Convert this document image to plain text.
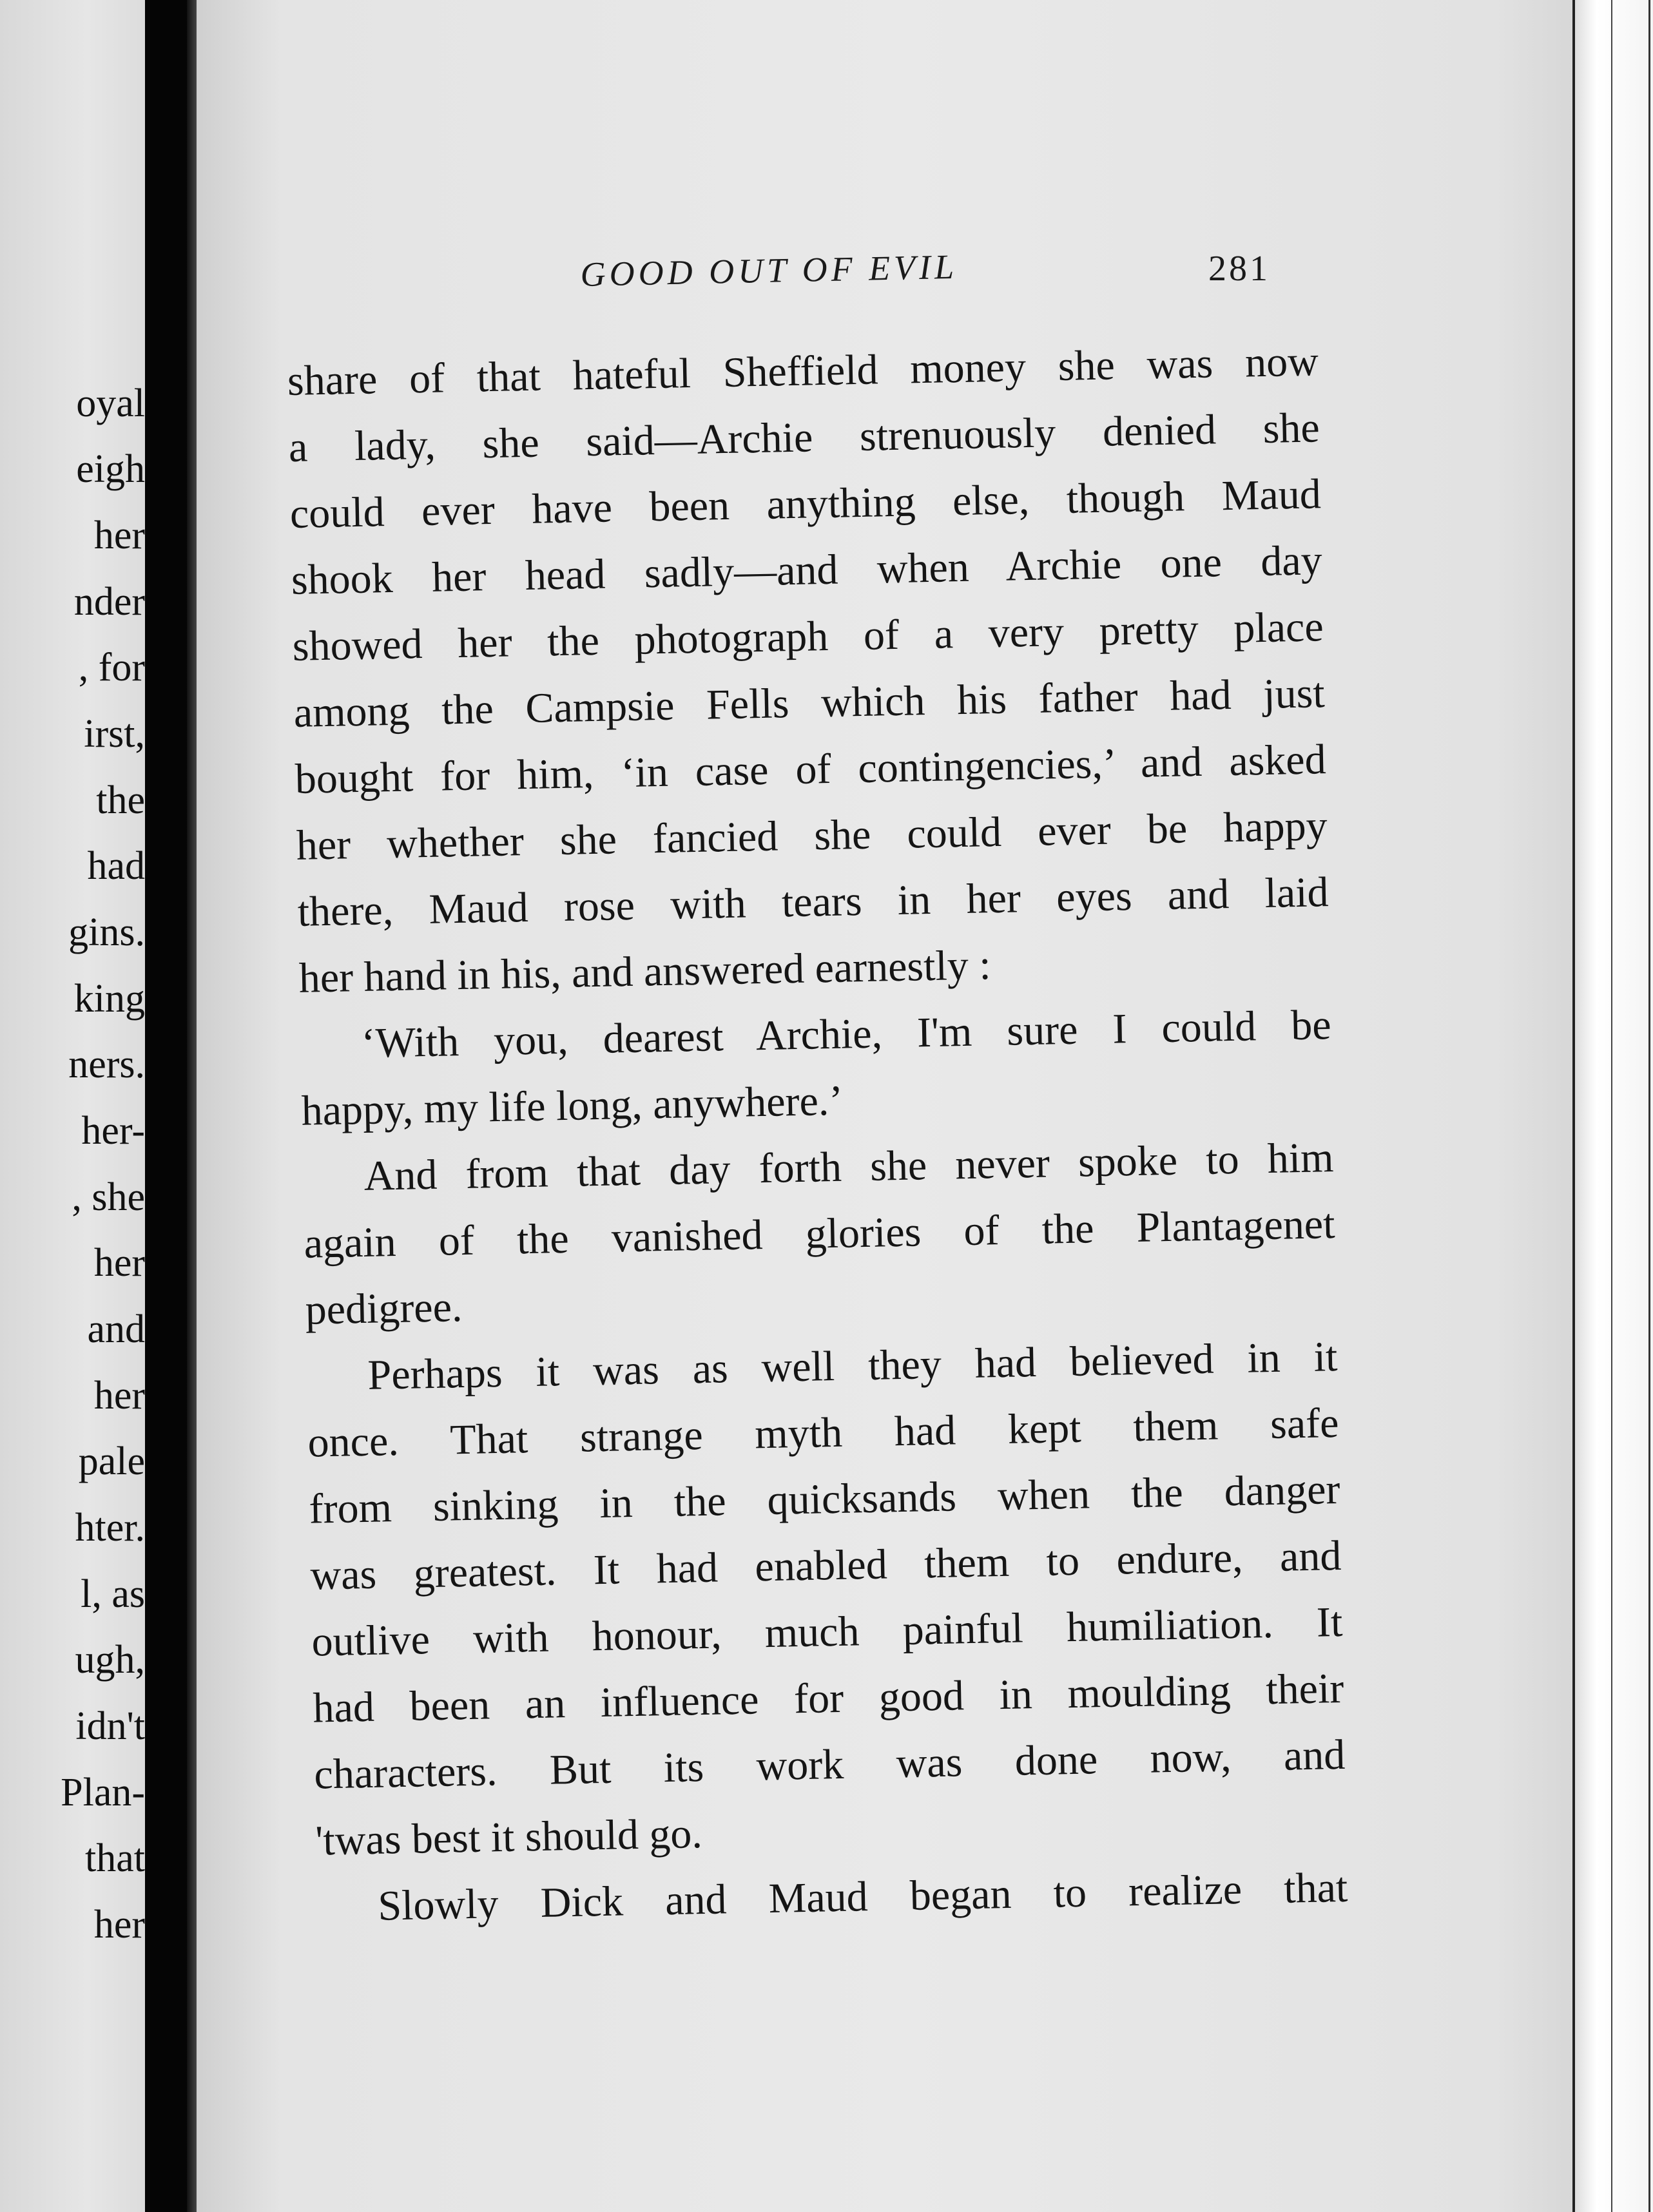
oyal
eigh
her
nder
, for
irst,
the
had
gins.
king
ners.
her-
, she
her
and
her
pale
hter.
l, as
ugh,
idn't
Plan-
that
her
GOOD OUT OF EVIL	281
share of that hateful Sheffield money she was now
a lady, she said—Archie strenuously denied she
could ever have been anything else, though Maud
shook her head sadly—and when Archie one day
showed her the photograph of a very pretty place
among the Campsie Fells which his father had just
bought for him, ‘in case of contingencies,’ and asked
her whether she fancied she could ever be happy
there, Maud rose with tears in her eyes and laid
her hand in his, and answered earnestly :
‘With you, dearest Archie, I'm sure I could be
happy, my life long, anywhere.’
And from that day forth she never spoke to him
again of the vanished glories of the Plantagenet
pedigree.
Perhaps it was as well they had believed in it
once. That strange myth had kept them safe
from sinking in the quicksands when the danger
was greatest. It had enabled them to endure, and
outlive with honour, much painful humiliation. It
had been an influence for good in moulding their
characters. But its work was done now, and
'twas best it should go.
Slowly Dick and Maud began to realize that
